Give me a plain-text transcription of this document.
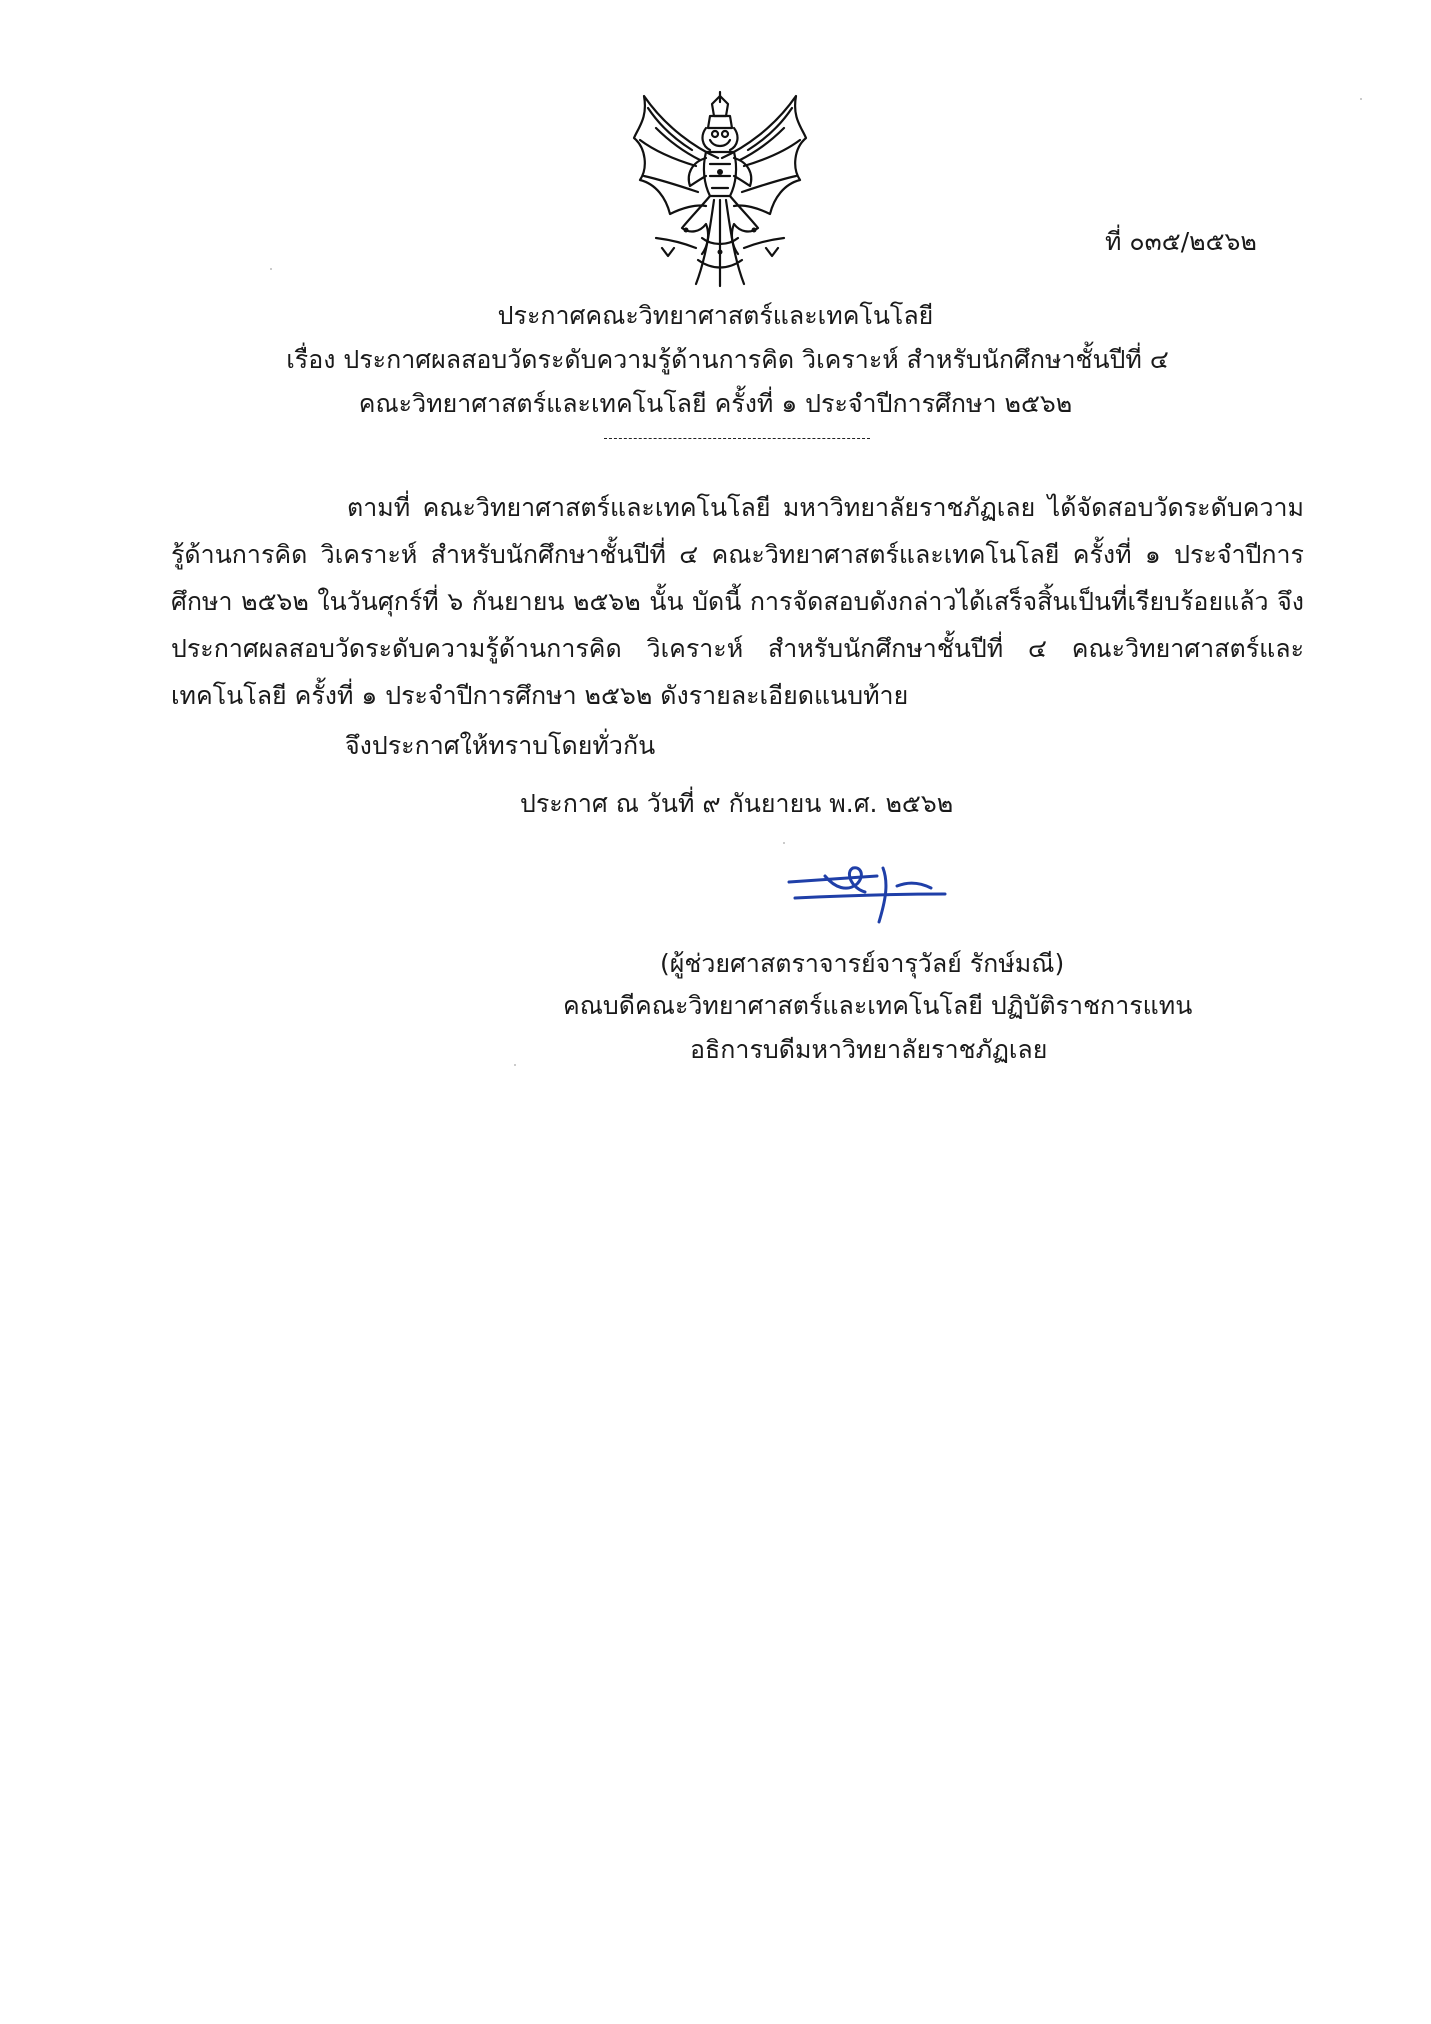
ที่ ๐๓๕/๒๕๖๒
ประกาศคณะวิทยาศาสตร์และเทคโนโลยี
เรื่อง ประกาศผลสอบวัดระดับความรู้ด้านการคิด วิเคราะห์ สำหรับนักศึกษาชั้นปีที่ ๔
คณะวิทยาศาสตร์และเทคโนโลยี ครั้งที่ ๑ ประจำปีการศึกษา ๒๕๖๒
ตามที่ คณะวิทยาศาสตร์และเทคโนโลยี มหาวิทยาลัยราชภัฏเลย ได้จัดสอบวัดระดับความรู้ด้านการคิด วิเคราะห์ สำหรับนักศึกษาชั้นปีที่ ๔ คณะวิทยาศาสตร์และเทคโนโลยี ครั้งที่ ๑ ประจำปีการศึกษา ๒๕๖๒ ในวันศุกร์ที่ ๖ กันยายน ๒๕๖๒ นั้น บัดนี้ การจัดสอบดังกล่าวได้เสร็จสิ้นเป็นที่เรียบร้อยแล้ว จึงประกาศผลสอบวัดระดับความรู้ด้านการคิด วิเคราะห์ สำหรับนักศึกษาชั้นปีที่ ๔ คณะวิทยาศาสตร์และเทคโนโลยี ครั้งที่ ๑ ประจำปีการศึกษา ๒๕๖๒ ดังรายละเอียดแนบท้าย
จึงประกาศให้ทราบโดยทั่วกัน
ประกาศ ณ วันที่ ๙ กันยายน พ.ศ. ๒๕๖๒
(ผู้ช่วยศาสตราจารย์จารุวัลย์ รักษ์มณี)
คณบดีคณะวิทยาศาสตร์และเทคโนโลยี ปฏิบัติราชการแทน
อธิการบดีมหาวิทยาลัยราชภัฏเลย
